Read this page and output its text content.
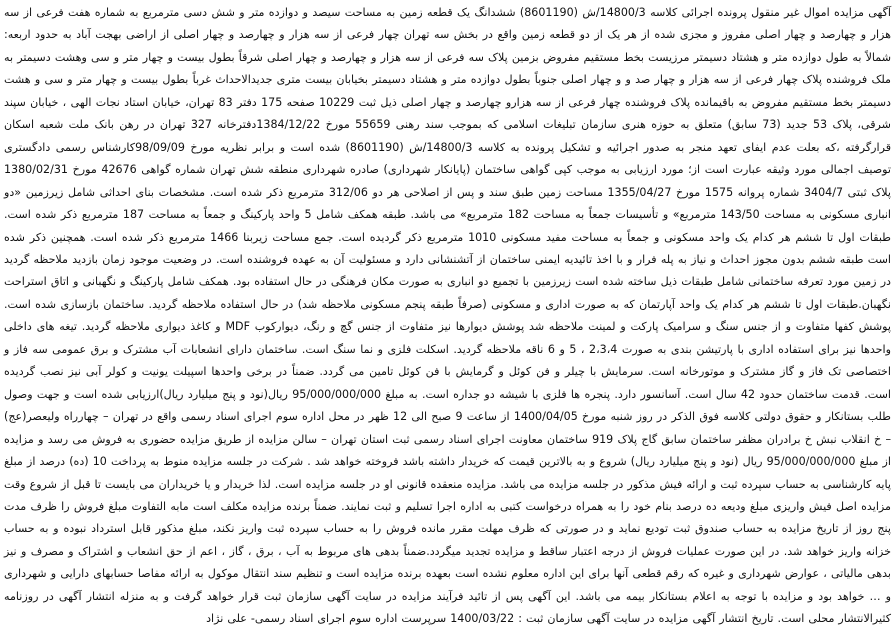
آگهی مزایده اموال غیر منقول پرونده اجرائی کلاسه 14800/3/ش (8601190) ششدانگ یک قطعه زمین به مساحت سیصد و دوازده متر و شش دسی مترمربع به شماره هفت فرعی از سه هزار و چهارصد و چهار اصلی مفروز و مجزی شده از هر یک از دو قطعه زمین واقع در بخش سه تهران چهار فرعی از سه هزار و چهارصد و چهار اصلی از اراضی بهجت آباد به حدود اربعه: شمالاً به طول دوازده متر و هشتاد دسیمتر مرزیست بخط مستقیم مفروض بزمین پلاک سه فرعی از سه هزار و چهارصد و چهار اصلی شرقاً بطول بیست و چهار متر و سی وهشت دسیمتر به ملک فروشنده پلاک چهار فرعی از سه هزار و چهار صد و و چهار اصلی جنوباً بطول دوازده متر و هشتاد دسیمتر بخیابان بیست متری جدیدالاحداث غرباً بطول بیست و چهار متر و سی و هشت دسیمتر بخط مستقیم مفروض به باقیمانده پلاک فروشنده چهار فرعی از سه هزارو چهارصد و چهار اصلی ذیل ثبت 10229 صفحه 175 دفتر 83 تهران، خیابان استاد نجات الهی ، خیابان سپند شرقی، پلاک 53 جدید (73 سابق) متعلق به حوزه هنری سازمان تبلیغات اسلامی که بموجب سند رهنی 55659 مورخ 1384/12/22دفترخانه 327 تهران در رهن بانک ملت شعبه اسکان قرارگرفته ،که بعلت عدم ایفای تعهد منجر به صدور اجرائیه و تشکیل پرونده به کلاسه 14800/3/ش (8601190) شده است و برابر نظریه مورخ 98/09/09کارشناس رسمی دادگستری توصیف اجمالی مورد وثیقه عبارت است از؛ مورد ارزیابی به موجب کپی گواهی ساختمان (پایانکار شهرداری) صادره شهرداری منطقه شش تهران شماره گواهی 42676 مورخ 1380/02/31 پلاک ثبتی 3404/7 شماره پروانه 1575 مورخ 1355/04/27 مساحت زمین طبق سند و پس از اصلاحی هر دو 312/06 مترمربع ذکر شده است. مشخصات بنای احداثی شامل زیرزمین «دو انباری مسکونی به مساحت 143/50 مترمربع» و تأسیسات جمعاً به مساحت 182 مترمربع» می باشد. طبقه همکف شامل 5 واحد پارکینگ و جمعاً به مساحت 187 مترمربع ذکر شده است. طبقات اول تا ششم هر کدام یک واحد مسکونی و جمعاً به مساحت مفید مسکونی 1010 مترمربع ذکر گردیده است. جمع مساحت زیربنا 1466 مترمربع ذکر شده است. همچنین ذکر شده است طبقه ششم بدون مجوز احداث و نیاز به پله فرار و با اخذ تائیدیه ایمنی ساختمان از آتشنشانی دارد و مسئولیت آن به عهده فروشنده است. در وضعیت موجود زمان بازدید ملاحظه گردید در زمین مورد تعرفه ساختمانی شامل طبقات ذیل ساخته شده است زیرزمین با تجمیع دو انباری به صورت مکان فرهنگی در حال استفاده بود. همکف شامل پارکینگ و نگهبانی و اتاق استراحت نگهبان.طبقات اول تا ششم هر کدام یک واحد آپارتمان که به صورت اداری و مسکونی (صرفاً طبقه پنجم مسکونی ملاحظه شد) در حال استفاده ملاحظه گردید. ساختمان بازسازی شده است. پوشش کفها متفاوت و از جنس سنگ و سرامیک پارکت و لمینت ملاحظه شد پوشش دیوارها نیز متفاوت از جنس گچ و رنگ، دیوارکوب MDF و کاغذ دیواری ملاحظه گردید. تیغه های داخلی واحدها نیز برای استفاده اداری با پارتیشن بندی به صورت 2،3،4 ، 5 و 6 ناقه ملاحظه گردید. اسکلت فلزی و نما سنگ است. ساختمان دارای انشعابات آب مشترک و برق عمومی سه فاز و اختصاصی تک فاز و گاز مشترک و موتورخانه است. سرمایش با چیلر و فن کوئل و گرمایش با فن کوئل تامین می گردد. ضمناً در برخی واحدها اسپیلت یونیت و کولر آبی نیز نصب گردیده است. قدمت ساختمان حدود 42 سال است. آسانسور دارد. پنجره ها فلزی با شیشه دو جداره است. به مبلغ 95/000/000/000 ریال(نود و پنج میلیارد ریال)ارزیابی شده است و جهت وصول طلب بستانکار و حقوق دولتی کلاسه فوق الذکر در روز شنبه مورخ 1400/04/05 از ساعت 9 صبح الی 12 ظهر در محل اداره سوم اجرای اسناد رسمی واقع در تهران – چهارراه ولیعصر(عج) – خ انقلاب نبش خ برادران مظفر ساختمان سابق گاج پلاک 919 ساختمان معاونت اجرای اسناد رسمی ثبت استان تهران – سالن مزایده از طریق مزایده حضوری به فروش می رسد و مزایده از مبلغ 95/000/000/000 ریال (نود و پنج میلیارد ریال) شروع و به بالاترین قیمت که خریدار داشته باشد فروخته خواهد شد . شرکت در جلسه مزایده منوط به پرداخت 10 (ده) درصد از مبلغ پایه کارشناسی به حساب سپرده ثبت و ارائه فیش مذکور در جلسه مزایده می باشد. مزایده منعقده قانونی او در جلسه مزایده است. لذا خریدار و یا خریداران می بایست تا قبل از شروع وقت مزایده اصل فیش واریزی مبلغ ودیعه ده درصد بنام خود را به همراه درخواست کتبی به اداره اجرا تسلیم و ثبت نمایند. ضمناً برنده مزایده مکلف است مابه التفاوت مبلغ فروش را ظرف مدت پنج روز از تاریخ مزایده به حساب صندوق ثبت تودیع نماید و در صورتی که ظرف مهلت مقرر مانده فروش را به حساب سپرده ثبت واریز نکند، مبلغ مذکور قابل استرداد نبوده و به حساب خزانه واریز خواهد شد. در این صورت عملیات فروش از درجه اعتبار ساقط و مزایده تجدید میگردد.ضمناً بدهی های مربوط به آب ، برق ، گاز ، اعم از حق انشعاب و اشتراک و مصرف و نیز بدهی مالیاتی ، عوارض شهرداری و غیره که رقم قطعی آنها برای این اداره معلوم نشده است بعهده برنده مزایده است و تنظیم سند انتقال موکول به ارائه مفاصا حسابهای دارایی و شهرداری و … خواهد بود و مزایده با توجه به اعلام بستانکار بیمه می باشد. این آگهی پس از تائید فرآیند مزایده در سایت آگهی سازمان ثبت قرار خواهد گرفت و به منزله انتشار آگهی در روزنامه کثیرالانتشار محلی است. تاریخ انتشار آگهی مزایده در سایت آگهی سازمان ثبت : 1400/03/22 سرپرست اداره سوم اجرای اسناد رسمی- علی نژاد
